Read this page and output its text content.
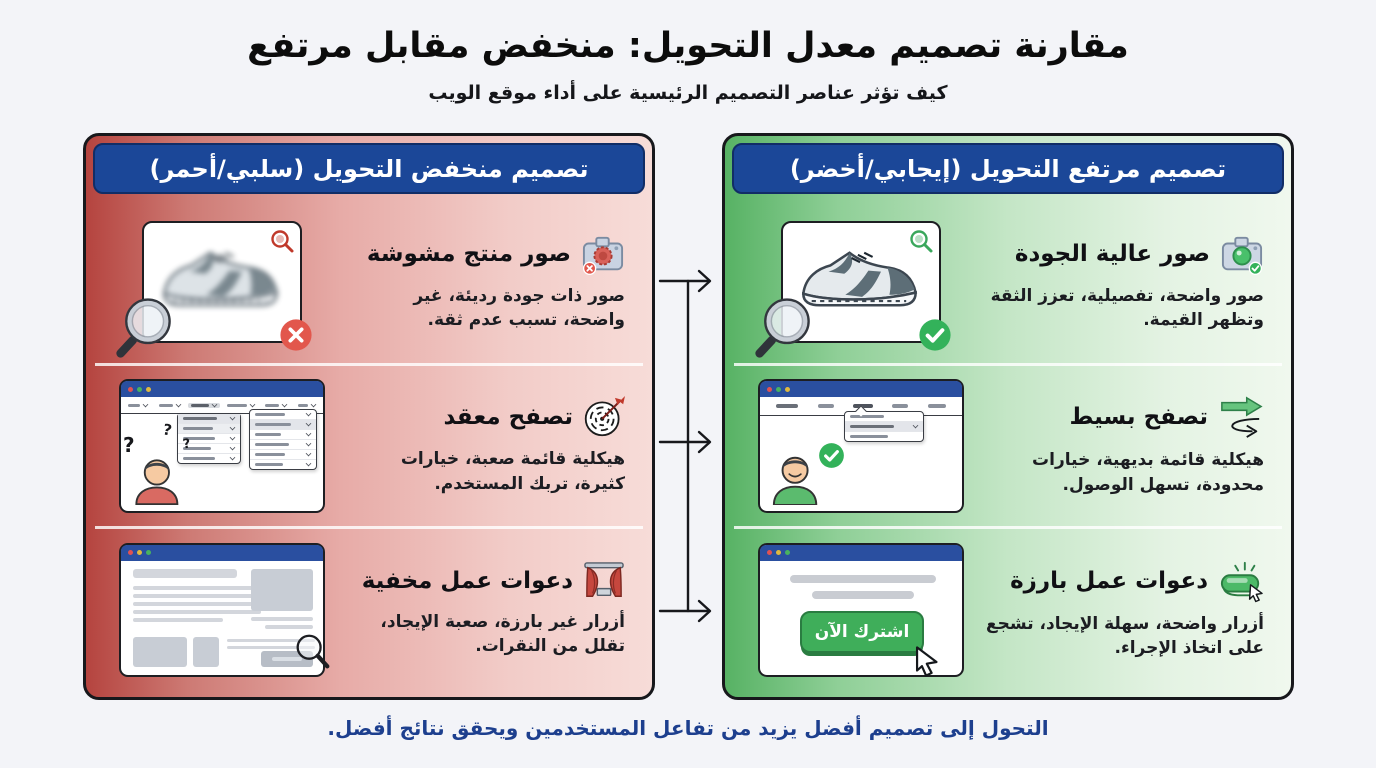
مقارنة تصميم معدل التحويل: منخفض مقابل مرتفع
كيف تؤثر عناصر التصميم الرئيسية على أداء موقع الويب
تصميم منخفض التحويل (سلبي/أحمر)
صور منتج مشوشة
صور ذات جودة رديئة، غير واضحة، تسبب عدم ثقة.
?
?
?
تصفح معقد
هيكلية قائمة صعبة، خيارات كثيرة، تربك المستخدم.
دعوات عمل مخفية
أزرار غير بارزة، صعبة الإيجاد، تقلل من النقرات.
تصميم مرتفع التحويل (إيجابي/أخضر)
صور عالية الجودة
صور واضحة، تفصيلية، تعزز الثقة وتظهر القيمة.
تصفح بسيط
هيكلية قائمة بديهية، خيارات محدودة، تسهل الوصول.
اشترك الآن
دعوات عمل بارزة
أزرار واضحة، سهلة الإيجاد، تشجع على اتخاذ الإجراء.
التحول إلى تصميم أفضل يزيد من تفاعل المستخدمين ويحقق نتائج أفضل.
